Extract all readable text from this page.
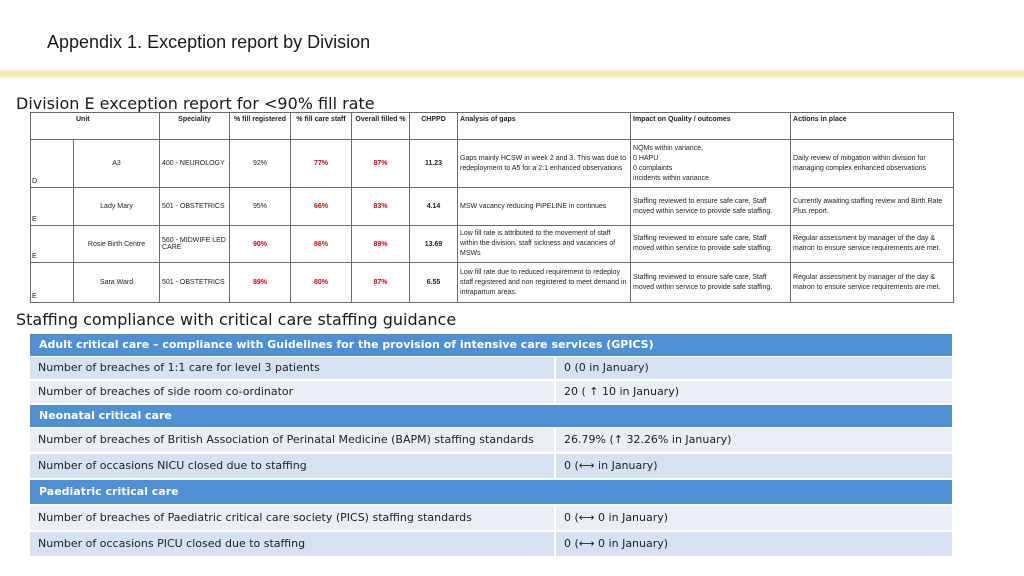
Appendix 1. Exception report by Division
Division E exception report for <90% fill rate
Unit		Speciality	% fill registered	% fill care staff	Overall filled %	CHPPD	Analysis of gaps	Impact on Quality / outcomes	Actions in place
D	A3	400 - NEUROLOGY	92%	77%	87%	11.23	Gaps mainly HCSW in week 2 and 3. This was due to redeployment to A5 for a 2:1 enhanced observations	NQMs within variance,
0 HAPU
0 complaints
incidents within variance	Daily review of mitigation within division for managing complex enhanced observations
E	Lady Mary	501 - OBSTETRICS	95%	66%	83%	4.14	MSW vacancy reducing PIPELINE in continues	Staffing reviewed to ensure safe care, Staff moved within service to provide safe staffing.	Currently awaiting staffing review and Birth Rate Plus report.
E	Rosie Birth Centre	560 - MIDWIFE LED CARE	90%	86%	89%	13.69	Low fill rate is attributed to the movement of staff within the division, staff sickness and vacancies of MSWs	Staffing reviewed to ensure safe care, Staff moved within service to provide safe staffing.	Regular assessment by manager of the day & matron to ensure service requirements are met.
E	Sara Ward	501 - OBSTETRICS	89%	80%	87%	6.55	Low fill rate due to reduced requirement to redeploy staff registered and non registered to meet demand in intrapartum areas.	Staffing reviewed to ensure safe care, Staff moved within service to provide safe staffing.	Regular assessment by manager of the day & matron to ensure service requirements are met.
Staffing compliance with critical care staffing guidance
Adult critical care – compliance with Guidelines for the provision of intensive care services (GPICS)
Number of breaches of 1:1 care for level 3 patients	0 (0 in January)
Number of breaches of side room co-ordinator	20 ( ↑ 10 in January)
Neonatal critical care
Number of breaches of British Association of Perinatal Medicine (BAPM) staffing standards	26.79% (↑ 32.26% in January)
Number of occasions NICU closed due to staffing	0 (⟷ in January)
Paediatric critical care
Number of breaches of Paediatric critical care society (PICS) staffing standards	0 (⟷ 0 in January)
Number of occasions PICU closed due to staffing	0 (⟷ 0 in January)
